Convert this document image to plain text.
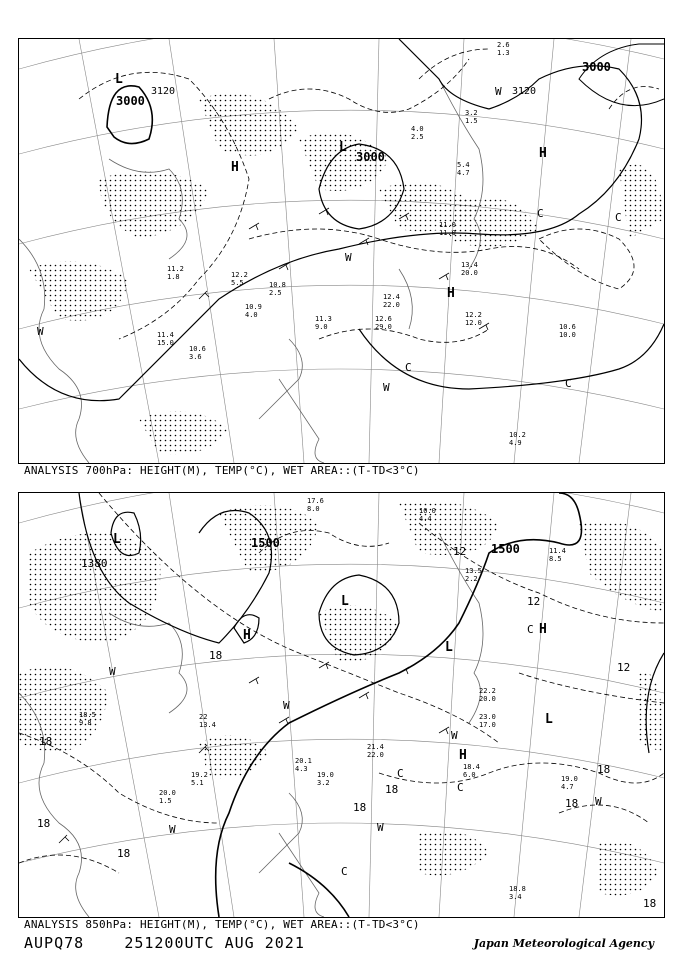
3000
3000
3000
3120
3120
L
L
H
H
H
C	C
C
C
W
W
W
W
11.2
1.8
11.4
15.0
10.6
3.6
12.2
5.5	10.8
2.5
10.9
4.0	11.3
9.0
12.4
22.0
12.6
29.0
13.4
20.0
12.2
12.0	10.6
10.0
10.2
4.9
11.0
11.0
5.4
4.7
3.2
1.5
2.6
1.3
4.0
2.5
ANALYSIS 700hPa: HEIGHT(M), TEMP(°C), WET AREA::(T-TD<3°C)
1500	1500
1380
12
12
12
18
18
18
18
18
18
18
18
18
L
L
L
L
H	H
H
C
C
C
C
W
W
W	W
W
W
18.5
9.8
22
13.4
19.2
5.1
20.0
1.5
20.1
4.3
21.4
22.0
19.0
3.2
18.4
6.0
22.2
20.0
23.0
17.0
18.8
3.4
19.0
4.7
13.5
2.2
11.4
8.5
10.0
4.4
17.6
8.0
ANALYSIS 850hPa: HEIGHT(M), TEMP(°C), WET AREA::(T-TD<3°C)
AUPQ78	251200UTC AUG 2021	Japan Meteorological Agency
